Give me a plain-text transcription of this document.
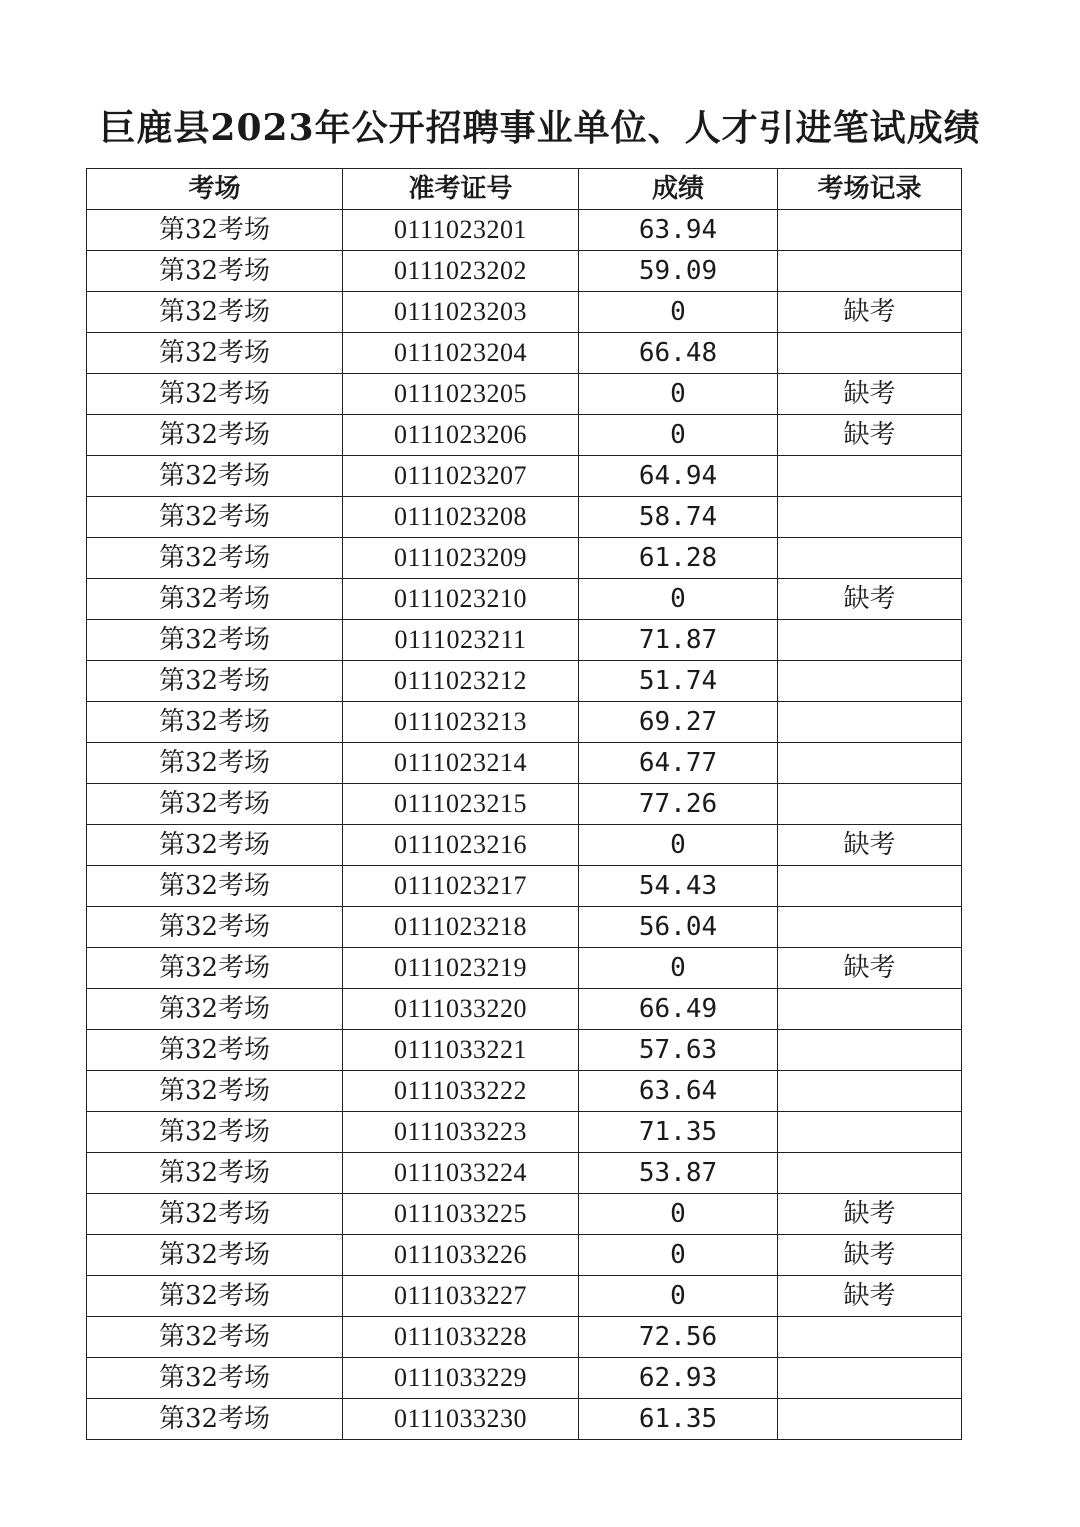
巨鹿县2023年公开招聘事业单位、人才引进笔试成绩
考场	准考证号	成绩	考场记录
第32考场	0111023201	63.94	
第32考场	0111023202	59.09	
第32考场	0111023203	0	缺考
第32考场	0111023204	66.48	
第32考场	0111023205	0	缺考
第32考场	0111023206	0	缺考
第32考场	0111023207	64.94	
第32考场	0111023208	58.74	
第32考场	0111023209	61.28	
第32考场	0111023210	0	缺考
第32考场	0111023211	71.87	
第32考场	0111023212	51.74	
第32考场	0111023213	69.27	
第32考场	0111023214	64.77	
第32考场	0111023215	77.26	
第32考场	0111023216	0	缺考
第32考场	0111023217	54.43	
第32考场	0111023218	56.04	
第32考场	0111023219	0	缺考
第32考场	0111033220	66.49	
第32考场	0111033221	57.63	
第32考场	0111033222	63.64	
第32考场	0111033223	71.35	
第32考场	0111033224	53.87	
第32考场	0111033225	0	缺考
第32考场	0111033226	0	缺考
第32考场	0111033227	0	缺考
第32考场	0111033228	72.56	
第32考场	0111033229	62.93	
第32考场	0111033230	61.35	
